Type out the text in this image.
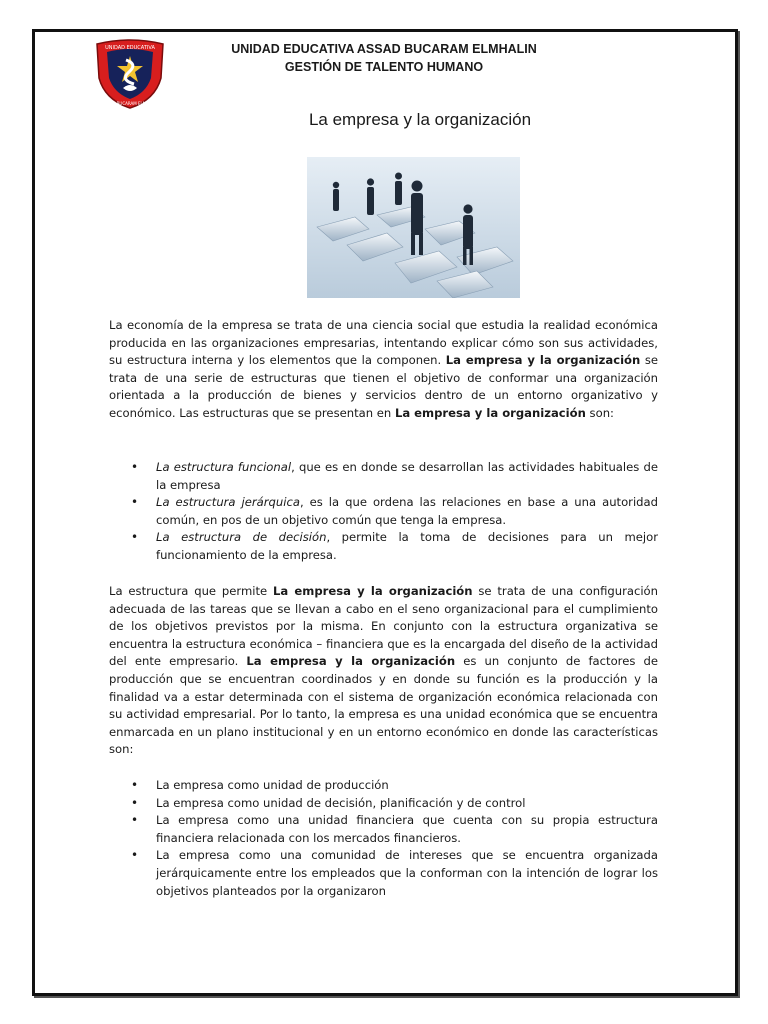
UNIDAD EDUCATIVA
ASSAD BUCARAM ELMHALIN
UNIDAD EDUCATIVA ASSAD BUCARAM ELMHALIN
GESTIÓN DE TALENTO HUMANO
La empresa y la organización
La economía de la empresa se trata de una ciencia social que estudia la realidad económica producida en las organizaciones empresarias, intentando explicar cómo son sus actividades, su estructura interna y los elementos que la componen. La empresa y la organización se trata de una serie de estructuras que tienen el objetivo de conformar una organización orientada a la producción de bienes y servicios dentro de un entorno organizativo y económico. Las estructuras que se presentan en La empresa y la organización son:
• La estructura funcional, que es en donde se desarrollan las actividades habituales de la empresa
• La estructura jerárquica, es la que ordena las relaciones en base a una autoridad común, en pos de un objetivo común que tenga la empresa.
• La estructura de decisión, permite la toma de decisiones para un mejor funcionamiento de la empresa.
La estructura que permite La empresa y la organización se trata de una configuración adecuada de las tareas que se llevan a cabo en el seno organizacional para el cumplimiento de los objetivos previstos por la misma. En conjunto con la estructura organizativa se encuentra la estructura económica – financiera que es la encargada del diseño de la actividad del ente empresario. La empresa y la organización es un conjunto de factores de producción que se encuentran coordinados y en donde su función es la producción y la finalidad va a estar determinada con el sistema de organización económica relacionada con su actividad empresarial. Por lo tanto, la empresa es una unidad económica que se encuentra enmarcada en un plano institucional y en un entorno económico en donde las características son:
• La empresa como unidad de producción
• La empresa como unidad de decisión, planificación y de control
• La empresa como una unidad financiera que cuenta con su propia estructura financiera relacionada con los mercados financieros.
• La empresa como una comunidad de intereses que se encuentra organizada jerárquicamente entre los empleados que la conforman con la intención de lograr los objetivos planteados por la organizaron
